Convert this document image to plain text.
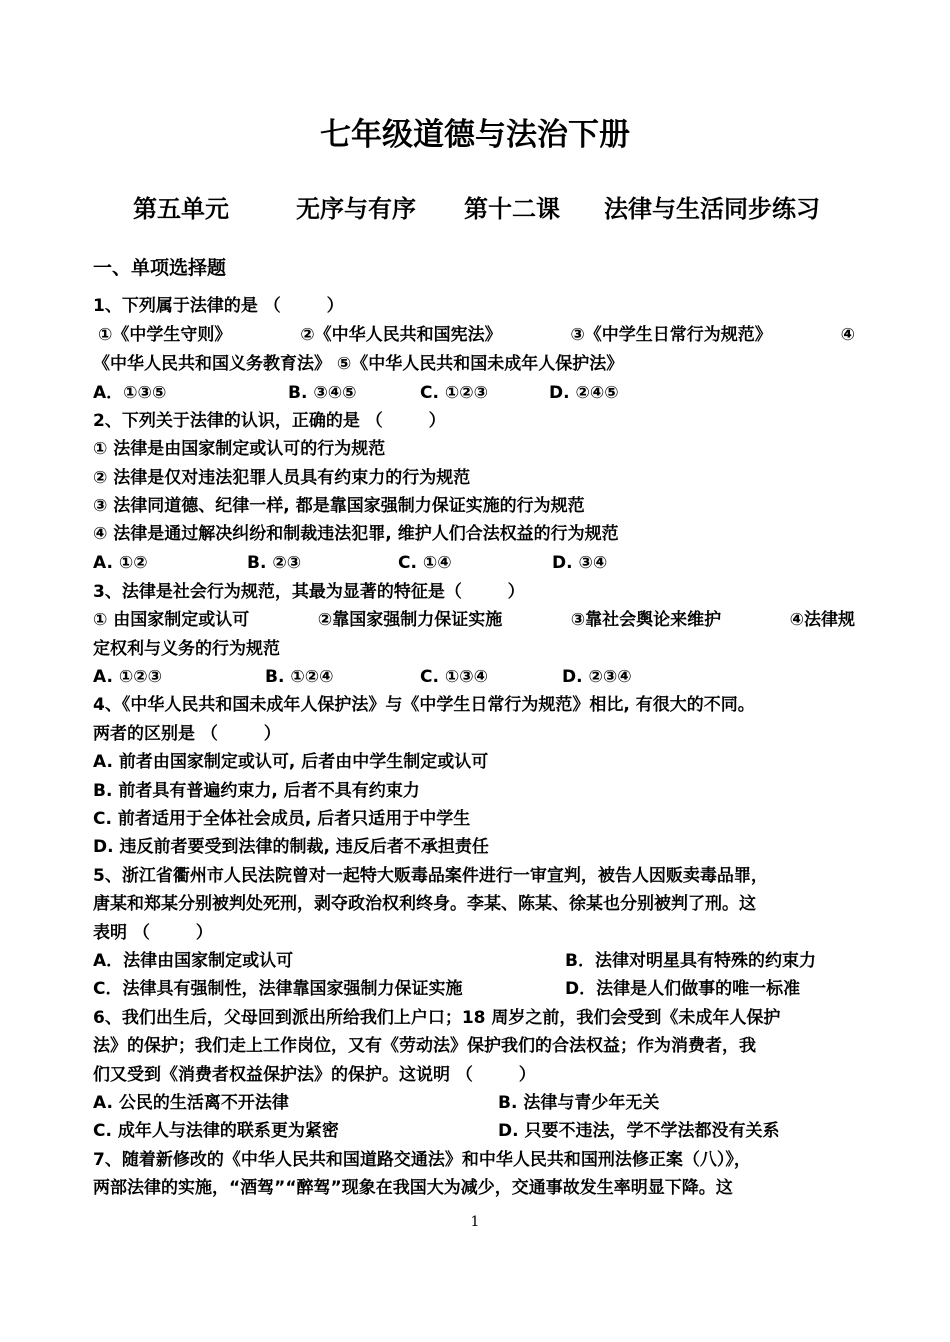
七年级道德与法治下册
第五单元	无序与有序 第十二课 法律与生活同步练习
一、单项选择题
1、下列属于法律的是 （ 　　 ）
①《中学生守则》	②《中华人民共和国宪法》	③《中学生日常行为规范》	④
《中华人民共和国义务教育法》 ⑤《中华人民共和国未成年人保护法》
A．①③⑤	B. ③④⑤	C. ①②③	D. ②④⑤
2、下列关于法律的认识，正确的是 （ 　　 ）
① 法律是由国家制定或认可的行为规范
② 法律是仅对违法犯罪人员具有约束力的行为规范
③ 法律同道德、纪律一样, 都是靠国家强制力保证实施的行为规范
④ 法律是通过解决纠纷和制裁违法犯罪, 维护人们合法权益的行为规范
A. ①②	B. ②③	C. ①④	D. ③④
3、法律是社会行为规范，其最为显著的特征是（ 　　 ）
① 由国家制定或认可	②靠国家强制力保证实施	③靠社会舆论来维护	④法律规
定权利与义务的行为规范
A. ①②③	B. ①②④	C. ①③④	D. ②③④
4、《中华人民共和国未成年人保护法》与《中学生日常行为规范》相比, 有很大的不同。
两者的区别是 （ 　　 ）
A. 前者由国家制定或认可, 后者由中学生制定或认可
B. 前者具有普遍约束力, 后者不具有约束力
C. 前者适用于全体社会成员, 后者只适用于中学生
D. 违反前者要受到法律的制裁, 违反后者不承担责任
5、浙江省衢州市人民法院曾对一起特大贩毒品案件进行一审宣判，被告人因贩卖毒品罪，
唐某和郑某分别被判处死刑，剥夺政治权利终身。李某、陈某、徐某也分别被判了刑。这
表明 （ 　　 ）
A．法律由国家制定或认可	B．法律对明星具有特殊的约束力
C．法律具有强制性，法律靠国家强制力保证实施	D．法律是人们做事的唯一标准
6、我们出生后，父母回到派出所给我们上户口；18 周岁之前，我们会受到《未成年人保护
法》的保护；我们走上工作岗位，又有《劳动法》保护我们的合法权益；作为消费者，我
们又受到《消费者权益保护法》的保护。这说明 （ 　　 ）
A. 公民的生活离不开法律	B. 法律与青少年无关
C. 成年人与法律的联系更为紧密	D. 只要不违法，学不学法都没有关系
7、随着新修改的《中华人民共和国道路交通法》和中华人民共和国刑法修正案（八）》，
两部法律的实施，“酒驾”“醉驾”现象在我国大为减少，交通事故发生率明显下降。这
1
